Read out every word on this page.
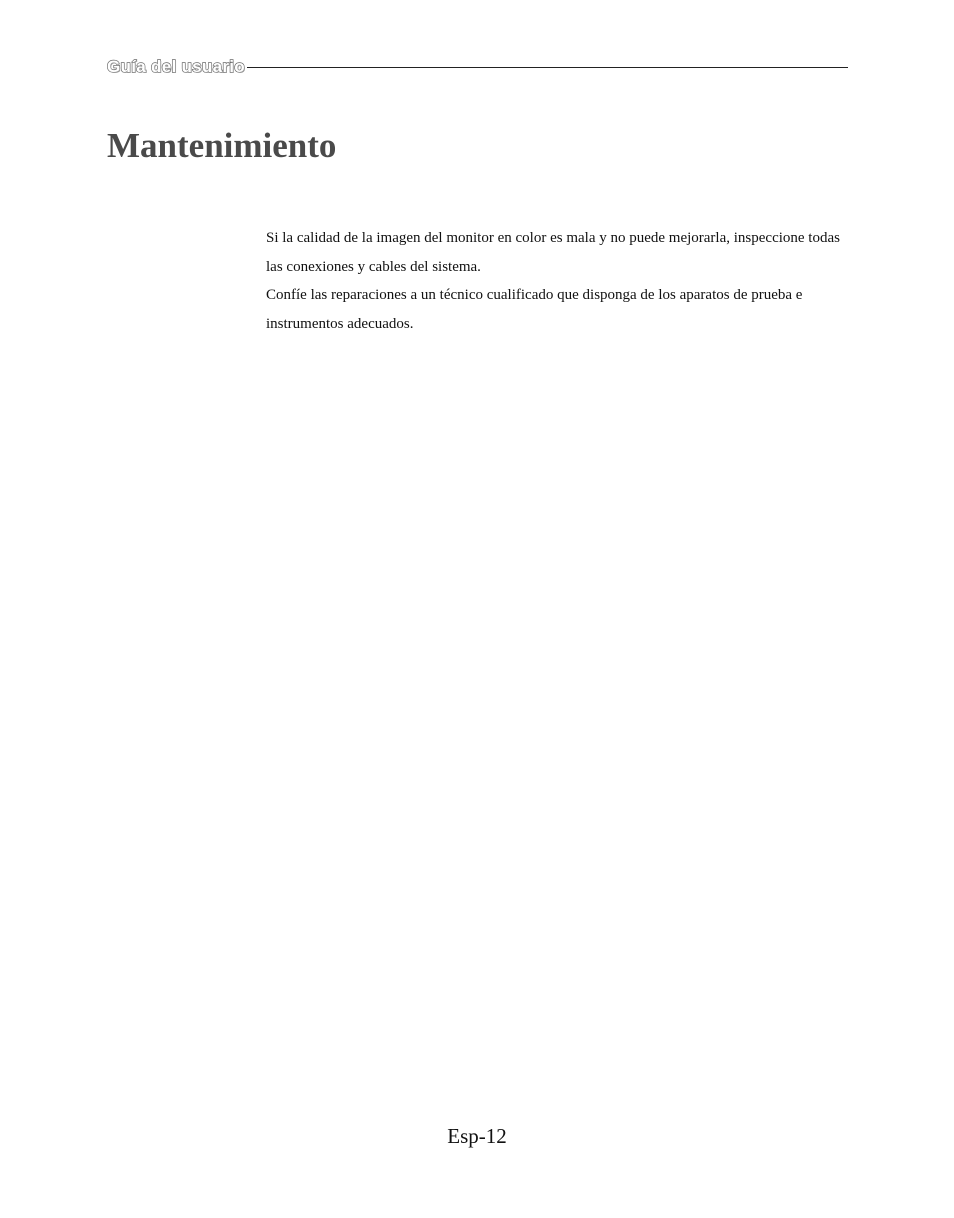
Guía del usuario
Mantenimiento

Si la calidad de la imagen del monitor en color es mala y no puede mejorarla, inspeccione todas las conexiones y cables del sistema.

Confíe las reparaciones a un técnico cualificado que disponga de los aparatos de prueba e instrumentos adecuados.

Esp-12
